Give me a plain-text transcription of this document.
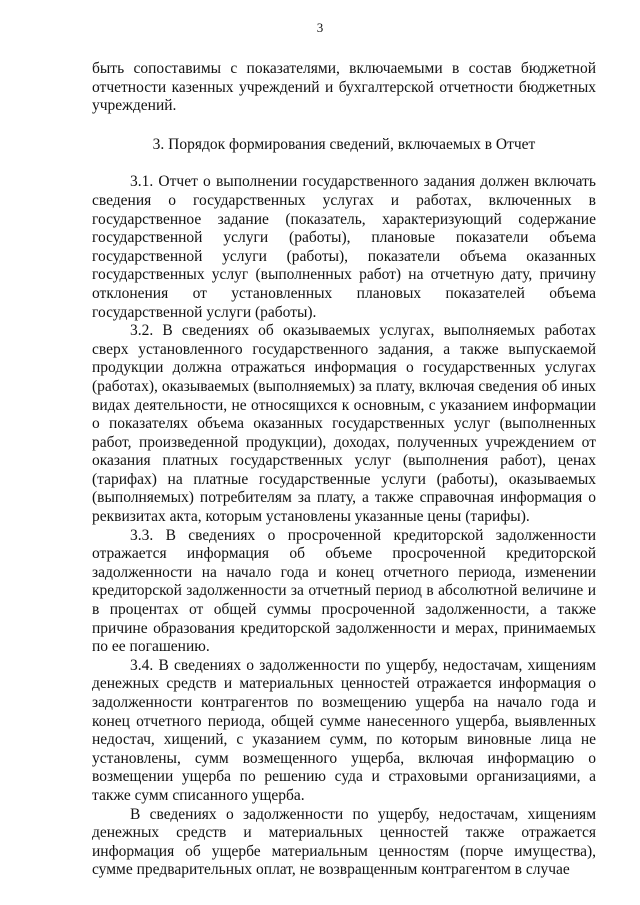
3

быть сопоставимы с показателями, включаемыми в состав бюджетной отчетности казенных учреждений и бухгалтерской отчетности бюджетных учреждений.

3. Порядок формирования сведений, включаемых в Отчет

3.1. Отчет о выполнении государственного задания должен включать сведения о государственных услугах и работах, включенных в государственное задание (показатель, характеризующий содержание государственной услуги (работы), плановые показатели объема государственной услуги (работы), показатели объема оказанных государственных услуг (выполненных работ) на отчетную дату, причину отклонения от установленных плановых показателей объема государственной услуги (работы).

3.2. В сведениях об оказываемых услугах, выполняемых работах сверх установленного государственного задания, а также выпускаемой продукции должна отражаться информация о государственных услугах (работах), оказываемых (выполняемых) за плату, включая сведения об иных видах деятельности, не относящихся к основным, с указанием информации о показателях объема оказанных государственных услуг (выполненных работ, произведенной продукции), доходах, полученных учреждением от оказания платных государственных услуг (выполнения работ), ценах (тарифах) на платные государственные услуги (работы), оказываемых (выполняемых) потребителям за плату, а также справочная информация о реквизитах акта, которым установлены указанные цены (тарифы).

3.3. В сведениях о просроченной кредиторской задолженности отражается информация об объеме просроченной кредиторской задолженности на начало года и конец отчетного периода, изменении кредиторской задолженности за отчетный период в абсолютной величине и в процентах от общей суммы просроченной задолженности, а также причине образования кредиторской задолженности и мерах, принимаемых по ее погашению.

3.4. В сведениях о задолженности по ущербу, недостачам, хищениям денежных средств и материальных ценностей отражается информация о задолженности контрагентов по возмещению ущерба на начало года и конец отчетного периода, общей сумме нанесенного ущерба, выявленных недостач, хищений, с указанием сумм, по которым виновные лица не установлены, сумм возмещенного ущерба, включая информацию о возмещении ущерба по решению суда и страховыми организациями, а также сумм списанного ущерба.

В сведениях о задолженности по ущербу, недостачам, хищениям денежных средств и материальных ценностей также отражается информация об ущербе материальным ценностям (порче имущества), сумме предварительных оплат, не возвращенным контрагентом в случае
